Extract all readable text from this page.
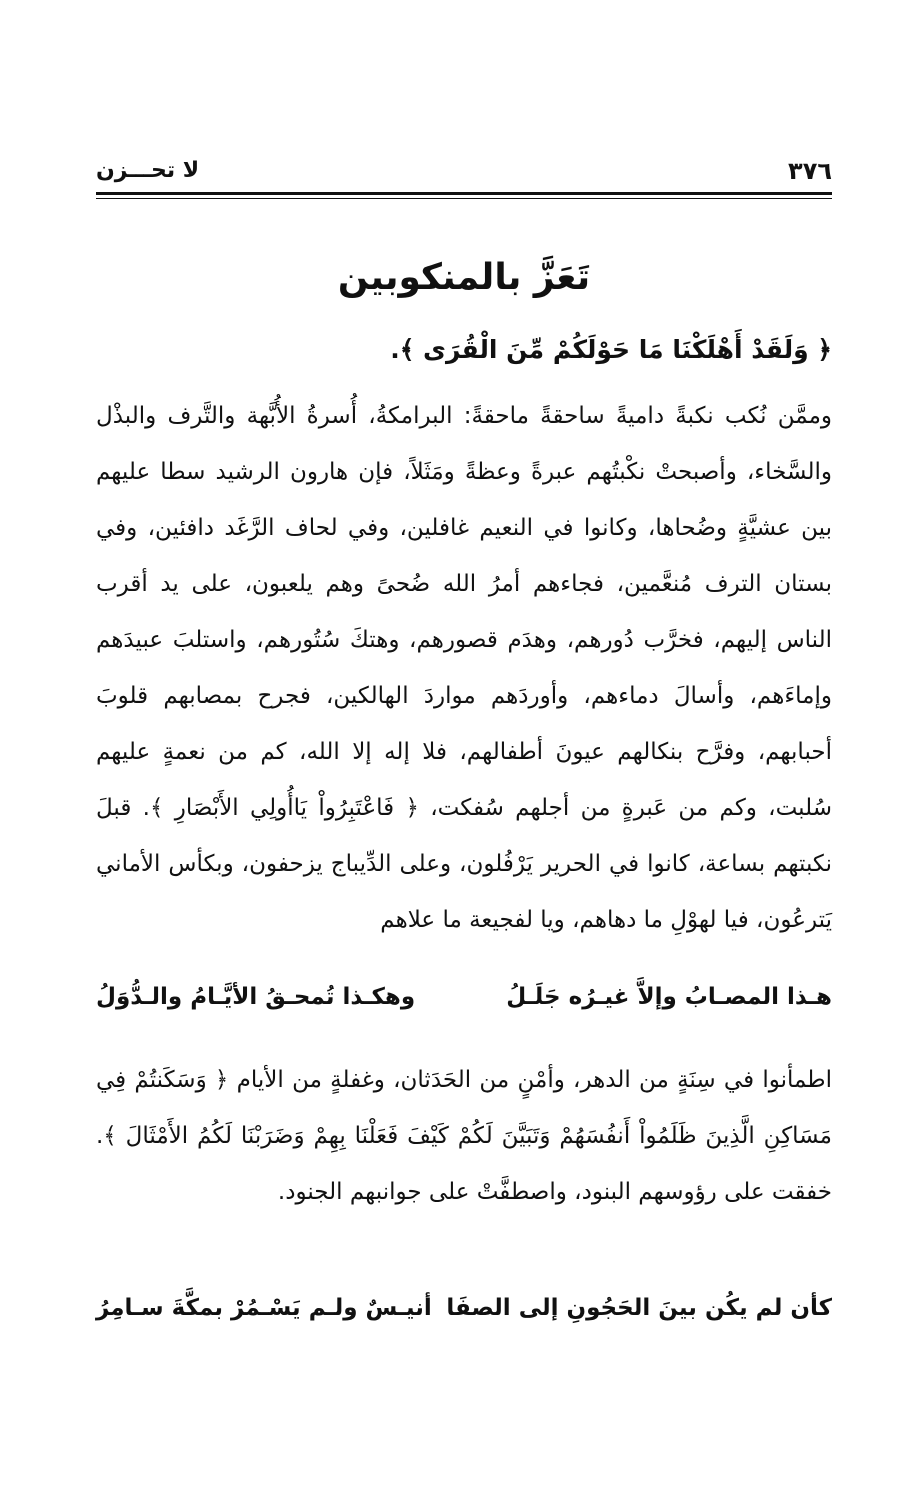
٣٧٦
لا تحـــزن
تَعَزَّ بالمنكوبين
﴿ وَلَقَدْ أَهْلَكْنَا مَا حَوْلَكُمْ مِّنَ الْقُرَى ﴾.

وممَّن نُكب نكبةً داميةً ساحقةً ماحقةً: البرامكةُ، أُسرةُ الأُبَّهة والتَّرف والبذْل والسَّخاء، وأصبحتْ نكْبتُهم عبرةً وعظةً ومَثَلاً، فإن هارون الرشيد سطا عليهم بين عشيَّةٍ وضُحاها، وكانوا في النعيم غافلين، وفي لحاف الرَّغَد دافئين، وفي بستان الترف مُنعَّمين، فجاءهم أمرُ الله ضُحىً وهم يلعبون، على يد أقرب الناس إليهم، فخرَّب دُورهم، وهدَم قصورهم، وهتكَ سُتُورهم، واستلبَ عبيدَهم وإماءَهم، وأسالَ دماءهم، وأوردَهم مواردَ الهالكين، فجرح بمصابهم قلوبَ أحبابهم، وفرَّح بنكالهم عيونَ أطفالهم، فلا إله إلا الله، كم من نعمةٍ عليهم سُلبت، وكم من عَبرةٍ من أجلهم سُفكت، ﴿ فَاعْتَبِرُواْ يَاأُولِي الأَبْصَارِ ﴾. قبلَ نكبتهم بساعة، كانوا في الحرير يَرْفُلون، وعلى الدِّيباج يزحفون، وبكأس الأماني يَترعُون، فيا لهوْلِ ما دهاهم، ويا لفجيعة ما علاهم

هـذا المصـابُ وإلاَّ غيـرُه جَلَـلُ
وهكـذا تُمحـقُ الأيَّـامُ والـدُّوَلُ

اطمأنوا في سِنَةٍ من الدهر، وأمْنٍ من الحَدَثان، وغفلةٍ من الأيام ﴿ وَسَكَنتُمْ فِي مَسَاكِنِ الَّذِينَ ظَلَمُواْ أَنفُسَهُمْ وَتَبَيَّنَ لَكُمْ كَيْفَ فَعَلْنَا بِهِمْ وَضَرَبْنَا لَكُمُ الأَمْثَالَ ﴾. خفقت على رؤوسهم البنود، واصطفَّتْ على جوانبهم الجنود.

كأن لم يكُن بينَ الحَجُونِ إلى الصفَا
أنيـسٌ ولـم يَسْـمُرْ بمكَّةَ سـامِرُ
